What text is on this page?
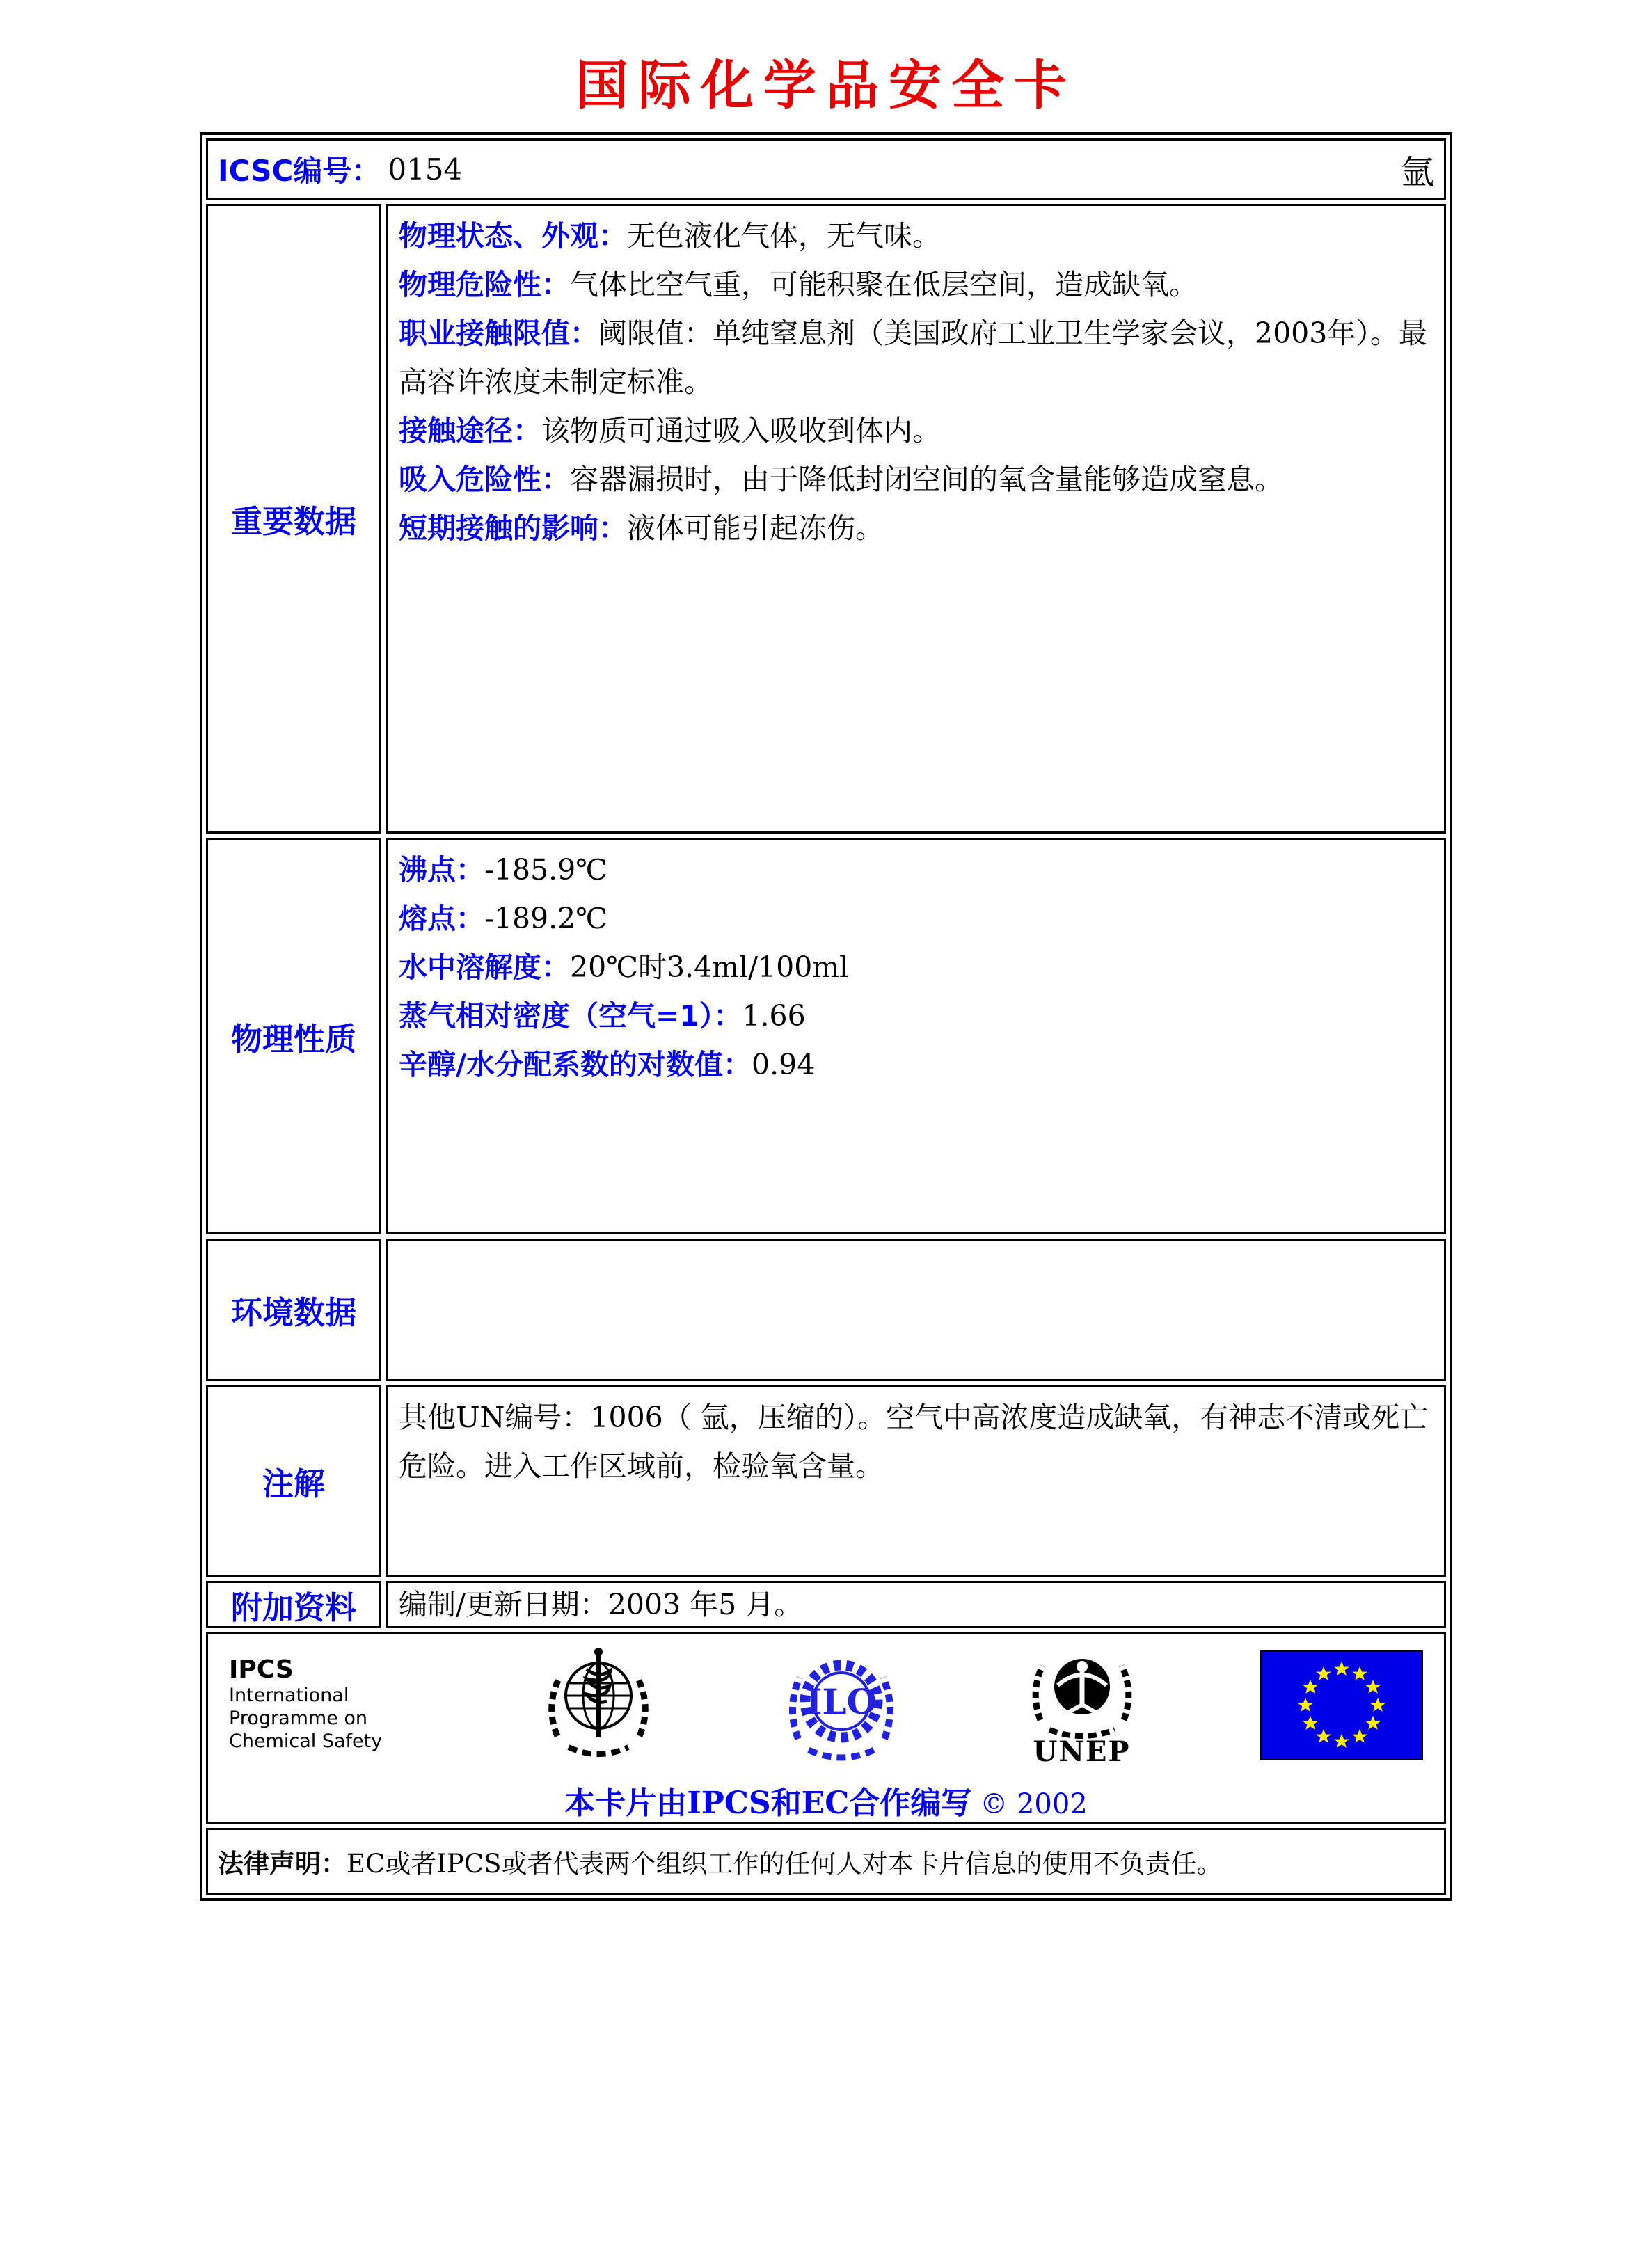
国际化学品安全卡
ICSC编号： 0154	氩
重要数据

物理状态、外观：无色液化气体，无气味。

物理危险性：气体比空气重，可能积聚在低层空间，造成缺氧。

职业接触限值：阈限值：单纯窒息剂（美国政府工业卫生学家会议，2003年）。最高容许浓度未制定标准。

接触途径：该物质可通过吸入吸收到体内。

吸入危险性：容器漏损时，由于降低封闭空间的氧含量能够造成窒息。

短期接触的影响：液体可能引起冻伤。

物理性质

沸点：-185.9℃

熔点：-189.2℃

水中溶解度：20℃时3.4ml/100ml

蒸气相对密度（空气=1）：1.66

辛醇/水分配系数的对数值：0.94

环境数据

注解

其他UN编号：1006（ 氩，压缩的）。空气中高浓度造成缺氧，有神志不清或死亡危险。进入工作区域前，检验氧含量。

附加资料 编制/更新日期：2003 年5 月。

IPCS
International
Programme on
Chemical Safety
ILO
UNEP
本卡片由IPCS和EC合作编写 © 2002
法律声明： EC或者IPCS或者代表两个组织工作的任何人对本卡片信息的使用不负责任。
